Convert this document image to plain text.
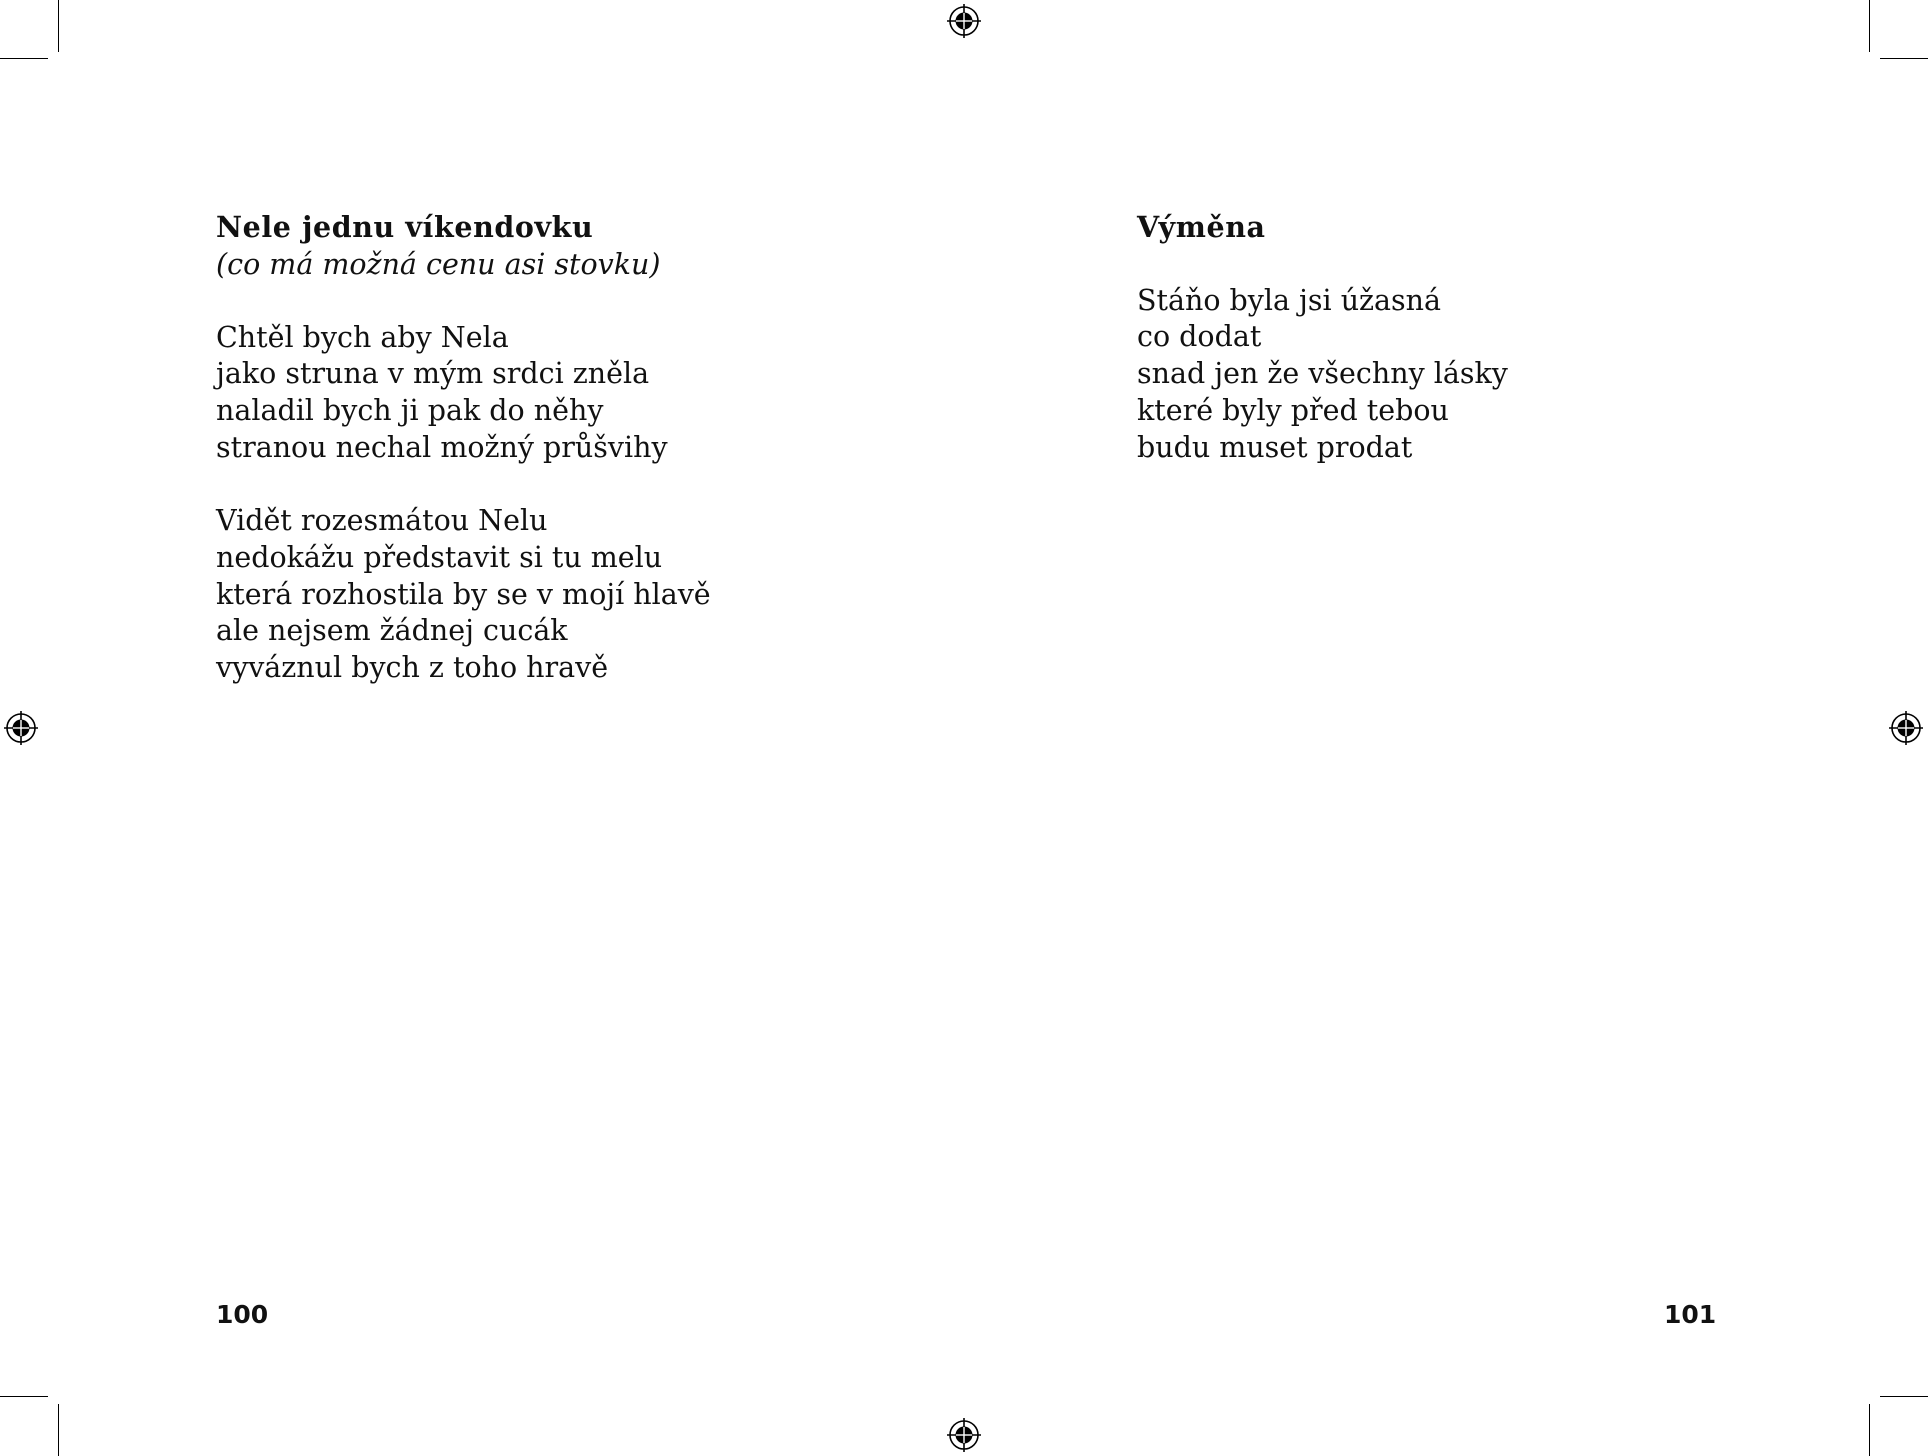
Nele jednu víkendovku

(co má možná cenu asi stovku)

Chtěl bych aby Nela
jako struna v mým srdci zněla
naladil bych ji pak do něhy
stranou nechal možný průšvihy
Vidět rozesmátou Nelu
nedokážu představit si tu melu
která rozhostila by se v mojí hlavě
ale nejsem žádnej cucák
vyváznul bych z toho hravě
Výměna
Stáňo byla jsi úžasná
co dodat
snad jen že všechny lásky
které byly před tebou
budu muset prodat
100	101
